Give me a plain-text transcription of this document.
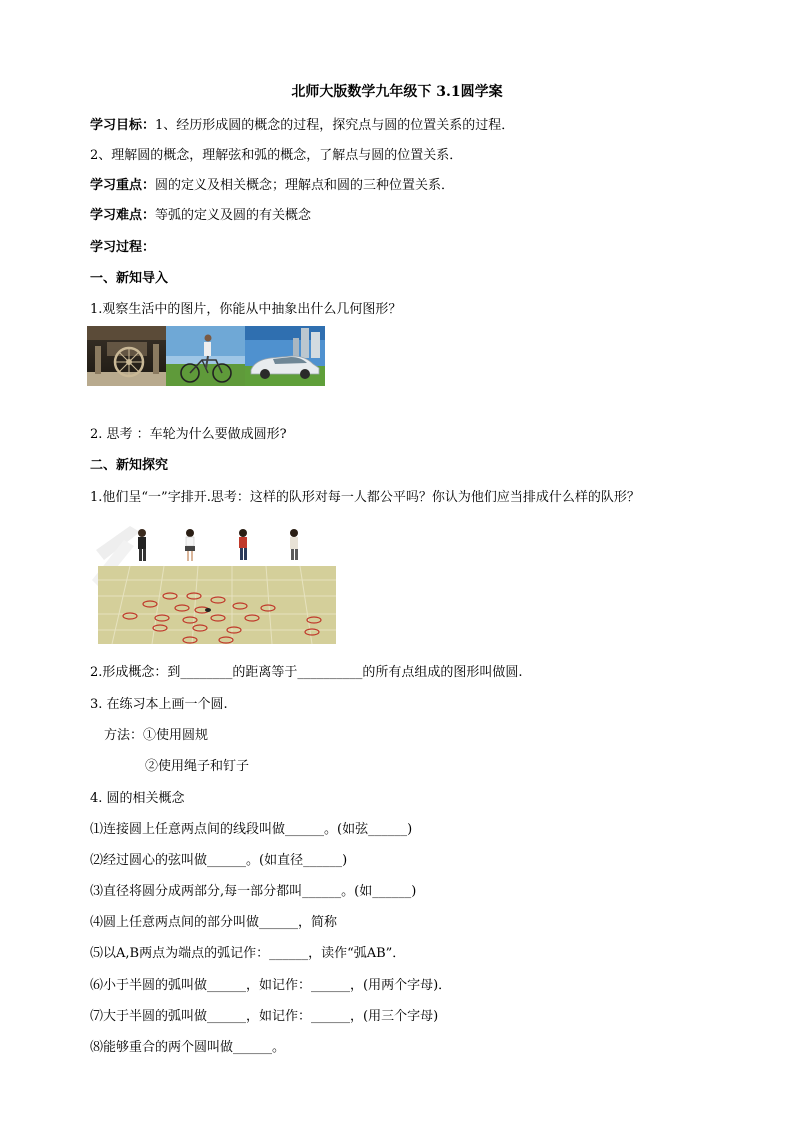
北师大版数学九年级下 3.1圆学案
学习目标：1、经历形成圆的概念的过程，探究点与圆的位置关系的过程．
2、理解圆的概念，理解弦和弧的概念，了解点与圆的位置关系．
学习重点：圆的定义及相关概念；理解点和圆的三种位置关系．
学习难点：等弧的定义及圆的有关概念
学习过程：
一、新知导入
1.观察生活中的图片，你能从中抽象出什么几何图形？
2. 思考 ：车轮为什么要做成圆形?
二、新知探究
1.他们呈“一”字排开.思考：这样的队形对每一人都公平吗？你认为他们应当排成什么样的队形？
2.形成概念：到________的距离等于__________的所有点组成的图形叫做圆.
3. 在练习本上画一个圆.
方法：①使用圆规
②使用绳子和钉子
4. 圆的相关概念
⑴连接圆上任意两点间的线段叫做______。(如弦______)
⑵经过圆心的弦叫做______。(如直径______)
⑶直径将圆分成两部分,每一部分都叫______。(如______)
⑷圆上任意两点间的部分叫做______，简称
⑸以A,B两点为端点的弧记作：______，读作“弧AB”．
⑹小于半圆的弧叫做______，如记作：______，(用两个字母)．
⑺大于半圆的弧叫做______，如记作：______，(用三个字母)
⑻能够重合的两个圆叫做______。
